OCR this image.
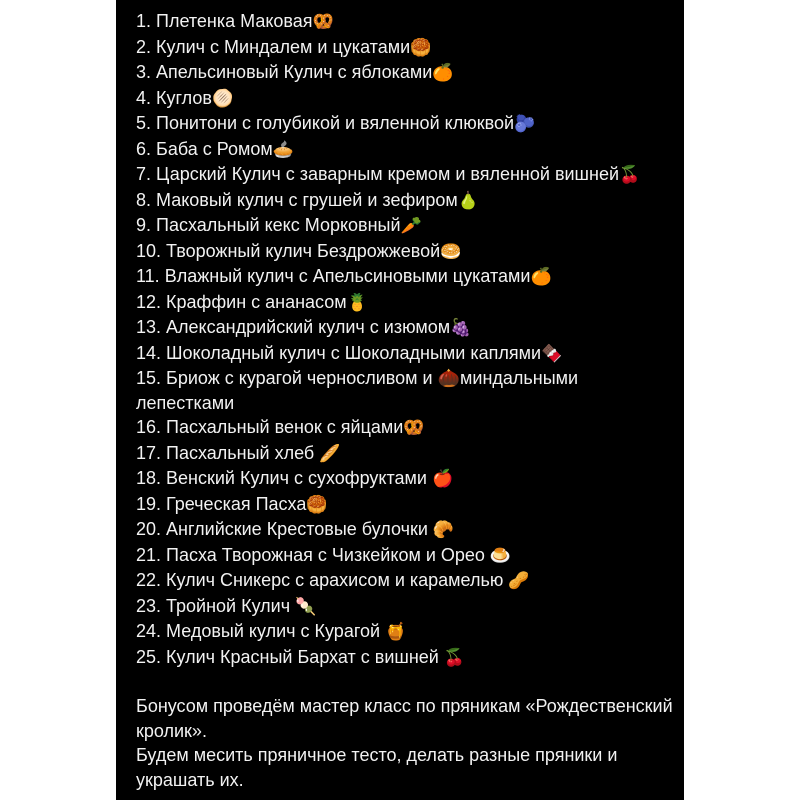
1. Плетенка Маковая🥨
2. Кулич с Миндалем и цукатами🥮
3. Апельсиновый Кулич с яблоками🍊
4. Куглов🫓
5. Понитони с голубикой и вяленной клюквой🫐
6. Баба с Ромом🥧
7. Царский Кулич с заварным кремом и вяленной вишней🍒
8. Маковый кулич с грушей и зефиром🍐
9. Пасхальный кекс Морковный🥕
10. Творожный кулич Бездрожжевой🥯
11. Влажный кулич с Апельсиновыми цукатами🍊
12. Краффин с ананасом🍍
13. Александрийский кулич с изюмом🍇
14. Шоколадный кулич с Шоколадными каплями🍫
15. Бриож с курагой черносливом и 🌰миндальными лепестками
16. Пасхальный венок с яйцами🥨
17. Пасхальный хлеб 🥖
18. Венский Кулич с сухофруктами 🍎
19. Греческая Пасха🥮
20. Английские Крестовые булочки 🥐
21. Пасха Творожная с Чизкейком и Орео 🍮
22. Кулич Сникерс с арахисом и карамелью 🥜
23. Тройной Кулич 🍡
24. Медовый кулич с Курагой 🍯
25. Кулич Красный Бархат с вишней 🍒

Бонусом проведём мастер класс по пряникам «Рождественский кролик».

Будем месить пряничное тесто, делать разные пряники и украшать их.
